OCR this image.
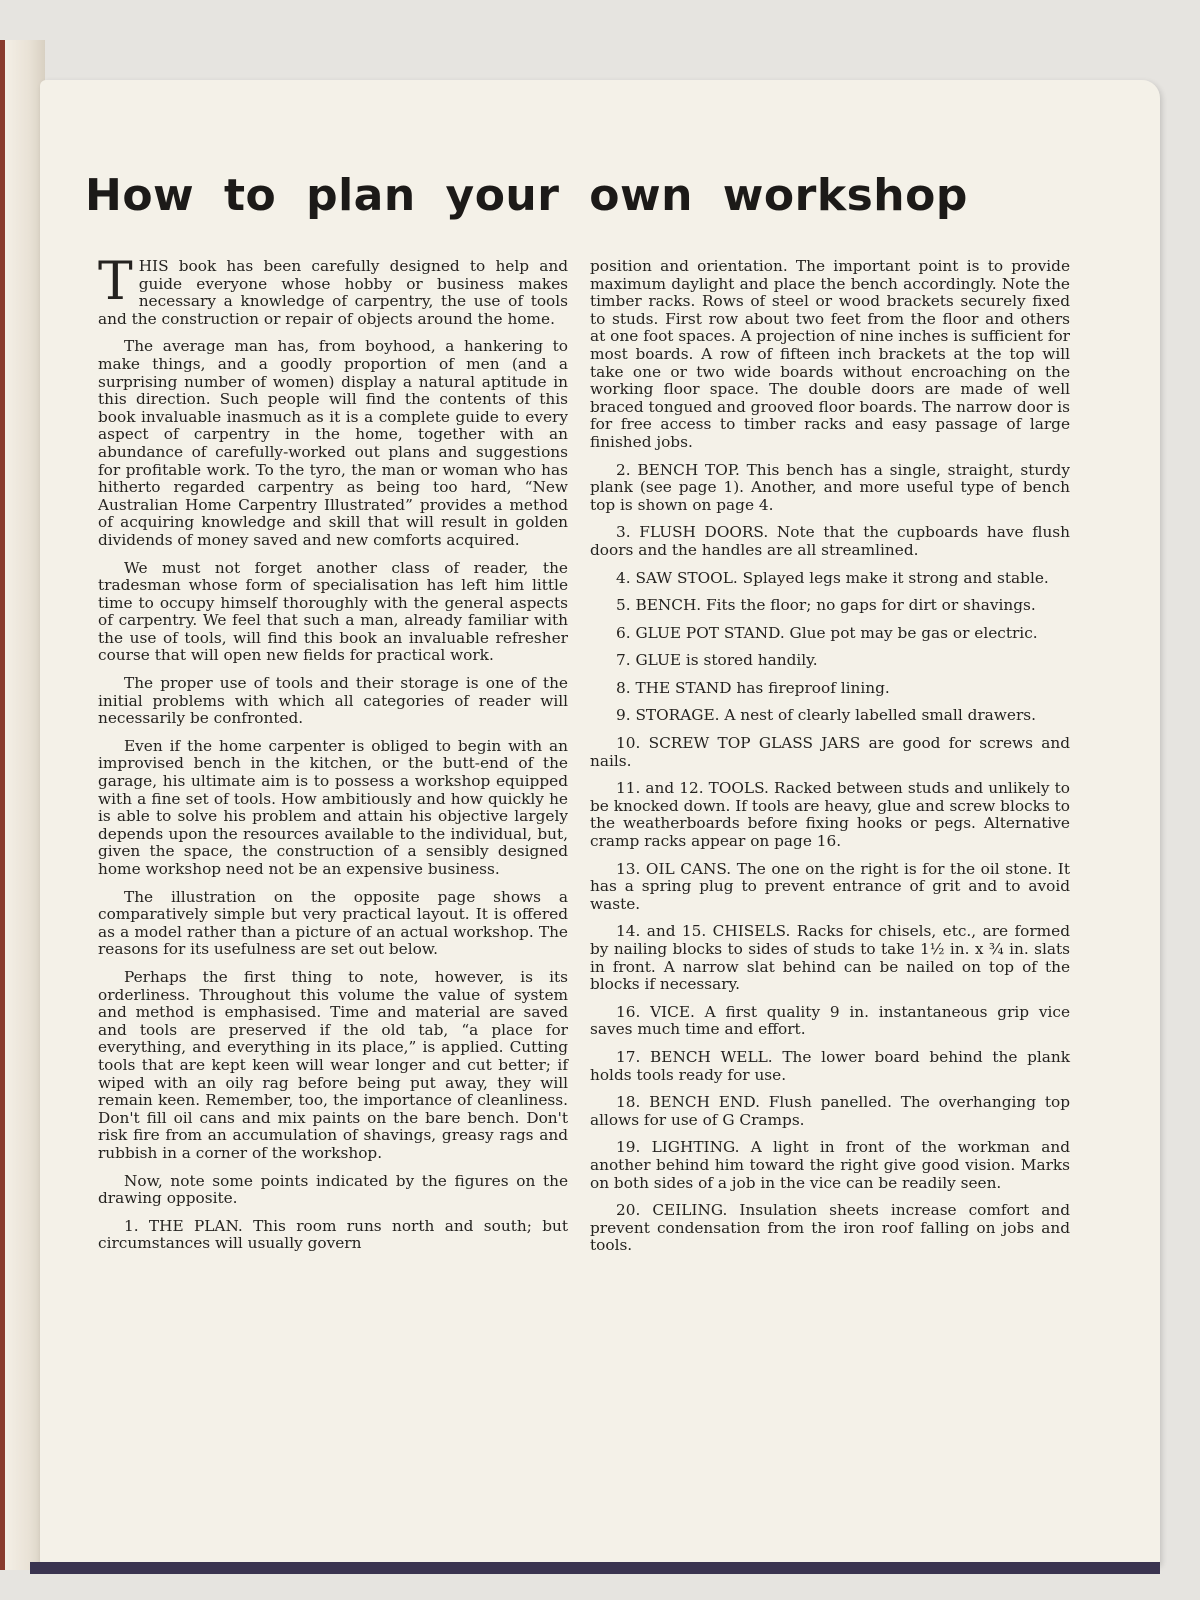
How to plan your own workshop

THIS book has been carefully designed to help and guide everyone whose hobby or business makes necessary a knowledge of carpentry, the use of tools and the construction or repair of objects around the home.

The average man has, from boyhood, a hankering to make things, and a goodly proportion of men (and a surprising number of women) display a natural aptitude in this direction. Such people will find the contents of this book invaluable inasmuch as it is a complete guide to every aspect of carpentry in the home, together with an abundance of carefully-worked out plans and suggestions for profitable work. To the tyro, the man or woman who has hitherto regarded carpentry as being too hard, “New Australian Home Carpentry Illustrated” provides a method of acquiring knowledge and skill that will result in golden dividends of money saved and new comforts acquired.

We must not forget another class of reader, the tradesman whose form of specialisation has left him little time to occupy himself thoroughly with the general aspects of carpentry. We feel that such a man, already familiar with the use of tools, will find this book an invaluable refresher course that will open new fields for practical work.

The proper use of tools and their storage is one of the initial problems with which all categories of reader will necessarily be confronted.

Even if the home carpenter is obliged to begin with an improvised bench in the kitchen, or the butt-end of the garage, his ultimate aim is to possess a workshop equipped with a fine set of tools. How ambitiously and how quickly he is able to solve his problem and attain his objective largely depends upon the resources available to the individual, but, given the space, the construction of a sensibly designed home workshop need not be an expensive business.

The illustration on the opposite page shows a comparatively simple but very practical layout. It is offered as a model rather than a picture of an actual workshop. The reasons for its usefulness are set out below.

Perhaps the first thing to note, however, is its orderliness. Throughout this volume the value of system and method is emphasised. Time and material are saved and tools are preserved if the old tab, “a place for everything, and everything in its place,” is applied. Cutting tools that are kept keen will wear longer and cut better; if wiped with an oily rag before being put away, they will remain keen. Remember, too, the importance of cleanliness. Don't fill oil cans and mix paints on the bare bench. Don't risk fire from an accumulation of shavings, greasy rags and rubbish in a corner of the workshop.

Now, note some points indicated by the figures on the drawing opposite.

1. THE PLAN. This room runs north and south; but circumstances will usually govern

position and orientation. The important point is to provide maximum daylight and place the bench accordingly. Note the timber racks. Rows of steel or wood brackets securely fixed to studs. First row about two feet from the floor and others at one foot spaces. A projection of nine inches is sufficient for most boards. A row of fifteen inch brackets at the top will take one or two wide boards without encroaching on the working floor space. The double doors are made of well braced tongued and grooved floor boards. The narrow door is for free access to timber racks and easy passage of large finished jobs.

2. BENCH TOP. This bench has a single, straight, sturdy plank (see page 1). Another, and more useful type of bench top is shown on page 4.

3. FLUSH DOORS. Note that the cupboards have flush doors and the handles are all streamlined.

4. SAW STOOL. Splayed legs make it strong and stable.

5. BENCH. Fits the floor; no gaps for dirt or shavings.

6. GLUE POT STAND. Glue pot may be gas or electric.

7. GLUE is stored handily.

8. THE STAND has fireproof lining.

9. STORAGE. A nest of clearly labelled small drawers.

10. SCREW TOP GLASS JARS are good for screws and nails.

11. and 12. TOOLS. Racked between studs and unlikely to be knocked down. If tools are heavy, glue and screw blocks to the weatherboards before fixing hooks or pegs. Alternative cramp racks appear on page 16.

13. OIL CANS. The one on the right is for the oil stone. It has a spring plug to prevent entrance of grit and to avoid waste.

14. and 15. CHISELS. Racks for chisels, etc., are formed by nailing blocks to sides of studs to take 1½ in. x ¾ in. slats in front. A narrow slat behind can be nailed on top of the blocks if necessary.

16. VICE. A first quality 9 in. instantaneous grip vice saves much time and effort.

17. BENCH WELL. The lower board behind the plank holds tools ready for use.

18. BENCH END. Flush panelled. The overhanging top allows for use of G Cramps.

19. LIGHTING. A light in front of the workman and another behind him toward the right give good vision. Marks on both sides of a job in the vice can be readily seen.

20. CEILING. Insulation sheets increase comfort and prevent condensation from the iron roof falling on jobs and tools.
